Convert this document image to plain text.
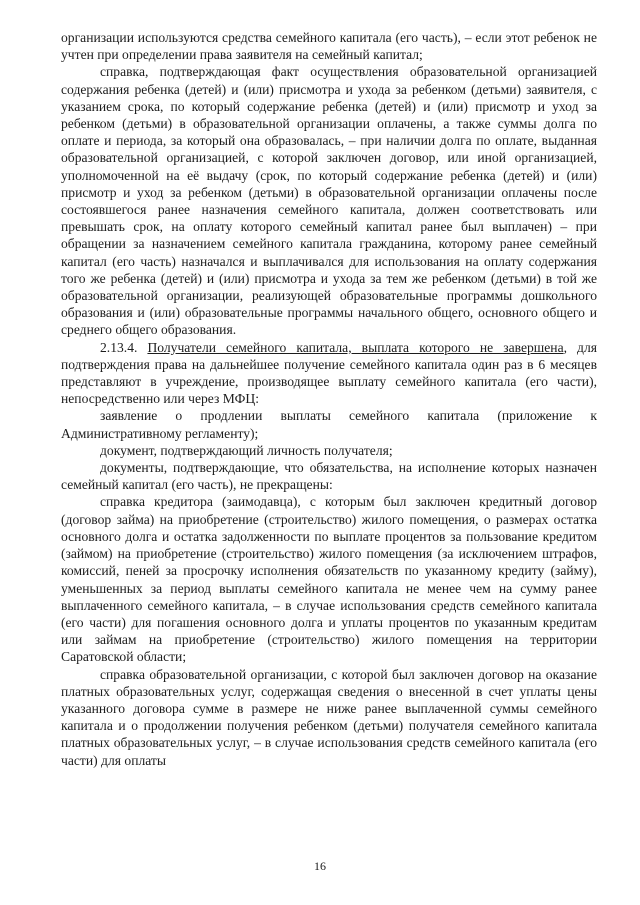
организации используются средства семейного капитала (его часть), – если этот ребенок не учтен при определении права заявителя на семейный капитал;

справка, подтверждающая факт осуществления образовательной организацией содержания ребенка (детей) и (или) присмотра и ухода за ребенком (детьми) заявителя, с указанием срока, по который содержание ребенка (детей) и (или) присмотр и уход за ребенком (детьми) в образовательной организации оплачены, а также суммы долга по оплате и периода, за который она образовалась, – при наличии долга по оплате, выданная образовательной организацией, с которой заключен договор, или иной организацией, уполномоченной на её выдачу (срок, по который содержание ребенка (детей) и (или) присмотр и уход за ребенком (детьми) в образовательной организации оплачены после состоявшегося ранее назначения семейного капитала, должен соответствовать или превышать срок, на оплату которого семейный капитал ранее был выплачен) – при обращении за назначением семейного капитала гражданина, которому ранее семейный капитал (его часть) назначался и выплачивался для использования на оплату содержания того же ребенка (детей) и (или) присмотра и ухода за тем же ребенком (детьми) в той же образовательной организации, реализующей образовательные программы дошкольного образования и (или) образовательные программы начального общего, основного общего и среднего общего образования.

2.13.4. Получатели семейного капитала, выплата которого не завершена, для подтверждения права на дальнейшее получение семейного капитала один раз в 6 месяцев представляют в учреждение, производящее выплату семейного капитала (его части), непосредственно или через МФЦ:

заявление о продлении выплаты семейного капитала (приложение к Административному регламенту);

документ, подтверждающий личность получателя;

документы, подтверждающие, что обязательства, на исполнение которых назначен семейный капитал (его часть), не прекращены:

справка кредитора (заимодавца), с которым был заключен кредитный договор (договор займа) на приобретение (строительство) жилого помещения, о размерах остатка основного долга и остатка задолженности по выплате процентов за пользование кредитом (займом) на приобретение (строительство) жилого помещения (за исключением штрафов, комиссий, пеней за просрочку исполнения обязательств по указанному кредиту (займу), уменьшенных за период выплаты семейного капитала не менее чем на сумму ранее выплаченного семейного капитала, – в случае использования средств семейного капитала (его части) для погашения основного долга и уплаты процентов по указанным кредитам или займам на приобретение (строительство) жилого помещения на территории Саратовской области;

справка образовательной организации, с которой был заключен договор на оказание платных образовательных услуг, содержащая сведения о внесенной в счет уплаты цены указанного договора сумме в размере не ниже ранее выплаченной суммы семейного капитала и о продолжении получения ребенком (детьми) получателя семейного капитала платных образовательных услуг, – в случае использования средств семейного капитала (его части) для оплаты

16
